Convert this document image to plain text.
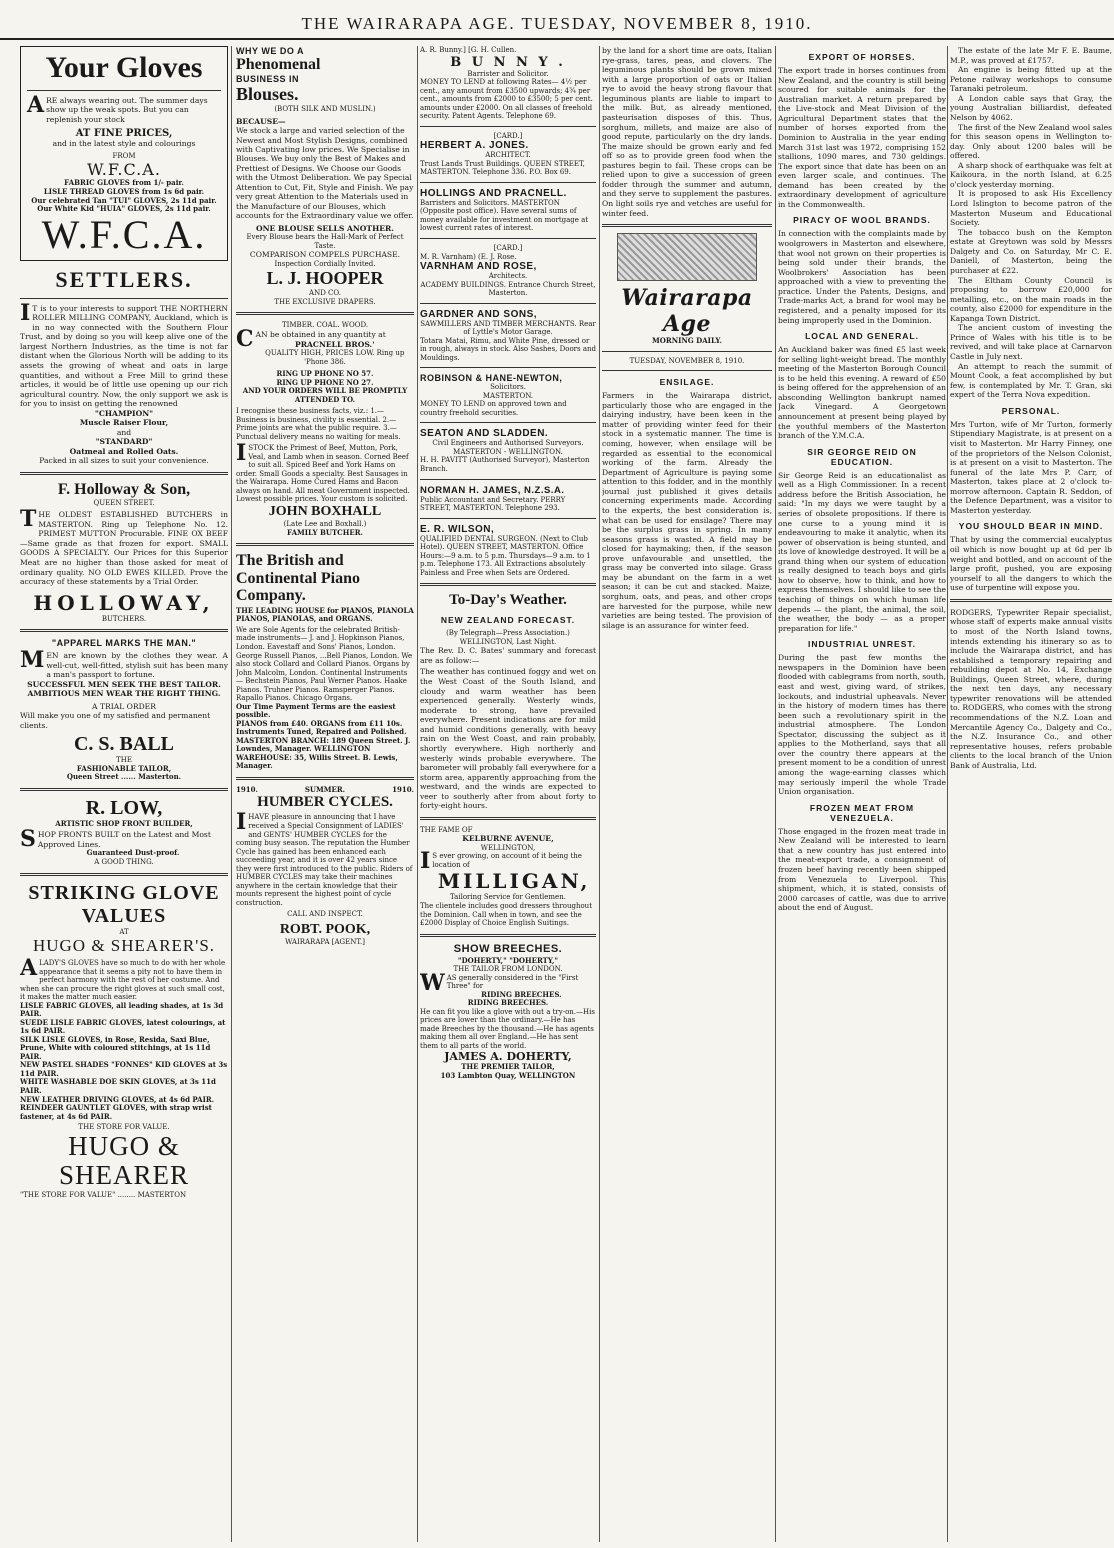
THE WAIRARAPA AGE. TUESDAY, NOVEMBER 8, 1910.
Your Gloves

ARE always wearing out. The summer days show up the weak spots. But you can replenish your stock

AT FINE PRICES,

and in the latest style and colourings

FROM
W.F.C.A.

FABRIC GLOVES from 1/- pair.

LISLE THREAD GLOVES from 1s 6d pair.

Our celebrated Tan "TUI" GLOVES, 2s 11d pair.

Our White Kid "HUIA" GLOVES, 2s 11d pair.

W.F.C.A.
SETTLERS.

IT is to your interests to support THE NORTHERN ROLLER MILLING COMPANY, Auckland, which is in no way connected with the Southern Flour Trust, and by doing so you will keep alive one of the largest Northern Industries, as the time is not far distant when the Glorious North will be adding to its assets the growing of wheat and oats in large quantities, and without a Free Mill to grind these articles, it would be of little use opening up our rich agricultural country. Now, the only support we ask is for you to insist on getting the renowned

"CHAMPION"

Muscle Raiser Flour,

and

"STANDARD"

Oatmeal and Rolled Oats.

Packed in all sizes to suit your convenience.

F. Holloway & Son,
QUEEN STREET.

THE OLDEST ESTABLISHED BUTCHERS in MASTERTON. Ring up Telephone No. 12. PRIMEST MUTTON Procurable. FINE OX BEEF—Same grade as that frozen for export. SMALL GOODS A SPECIALTY. Our Prices for this Superior Meat are no higher than those asked for meat of ordinary quality. NO OLD EWES KILLED. Prove the accuracy of these statements by a Trial Order.

HOLLOWAY,
BUTCHERS.
"APPAREL MARKS THE MAN."

MEN are known by the clothes they wear. A well-cut, well-fitted, stylish suit has been many a man's passport to fortune.

SUCCESSFUL MEN SEEK THE BEST TAILOR.

AMBITIOUS MEN WEAR THE RIGHT THING.

A TRIAL ORDER

Will make you one of my satisfied and permanent clients.

C. S. BALL

THE

FASHIONABLE TAILOR,

Queen Street ...... Masterton.

R. LOW,

ARTISTIC SHOP FRONT BUILDER,

SHOP FRONTS BUILT on the Latest and Most Approved Lines.

Guaranteed Dust-proof.

A GOOD THING.

STRIKING GLOVE VALUES

AT

HUGO & SHEARER'S.

ALADY'S GLOVES have so much to do with her whole appearance that it seems a pity not to have them in perfect harmony with the rest of her costume. And when she can procure the right gloves at such small cost, it makes the matter much easier.

LISLE FABRIC GLOVES, all leading shades, at 1s 3d PAIR.

SUEDE LISLE FABRIC GLOVES, latest colourings, at 1s 6d PAIR.

SILK LISLE GLOVES, in Rose, Resida, Saxi Blue, Prune, White with coloured stitchings, at 1s 11d PAIR.

NEW PASTEL SHADES "FONNES" KID GLOVES at 3s 11d PAIR.

WHITE WASHABLE DOE SKIN GLOVES, at 3s 11d PAIR.

NEW LEATHER DRIVING GLOVES, at 4s 6d PAIR.

REINDEER GAUNTLET GLOVES, with strap wrist fastener, at 4s 6d PAIR.

THE STORE FOR VALUE.

HUGO & SHEARER

"THE STORE FOR VALUE" ........ MASTERTON

WHY WE DO A
Phenomenal
BUSINESS IN
Blouses.

(BOTH SILK AND MUSLIN.)

BECAUSE—

We stock a large and varied selection of the Newest and Most Stylish Designs, combined with Captivating low prices. We Specialise in Blouses. We buy only the Best of Makes and Prettiest of Designs. We Choose our Goods with the Utmost Deliberation. We pay Special Attention to Cut, Fit, Style and Finish. We pay very great Attention to the Materials used in the Manufacture of our Blouses, which accounts for the Extraordinary value we offer.

ONE BLOUSE SELLS ANOTHER.

Every Blouse bears the Hall-Mark of Perfect Taste.

COMPARISON COMPELS PURCHASE.

Inspection Cordially Invited.

L. J. HOOPER

AND CO.

THE EXCLUSIVE DRAPERS.

TIMBER. COAL. WOOD.

CAN be obtained in any quantity at

PRACNELL BROS.'

QUALITY HIGH, PRICES LOW. Ring up 'Phone 386.

RING UP PHONE NO 57.

RING UP PHONE NO 27.

AND YOUR ORDERS WILL BE PROMPTLY ATTENDED TO.

I recognise these business facts, viz.: 1.—Business is business, civility is essential. 2.—Prime joints are what the public require. 3.—Punctual delivery means no waiting for meals.

ISTOCK the Primest of Beef, Mutton, Pork, Veal, and Lamb when in season. Corned Beef to suit all. Spiced Beef and York Hams on order. Small Goods a specialty. Best Sausages in the Wairarapa. Home Cured Hams and Bacon always on hand. All meat Government inspected. Lowest possible prices. Your custom is solicited.

JOHN BOXHALL

(Late Lee and Boxhall.)

FAMILY BUTCHER.

The British and Continental Piano Company.

THE LEADING HOUSE for PIANOS, PIANOLA PIANOS, PIANOLAS, and ORGANS.

We are Sole Agents for the celebrated British-made instruments— J. and J. Hopkinson Pianos, London. Eavestaff and Sons' Pianos, London. George Russell Pianos, ...Bell Pianos, London. We also stock Collard and Collard Pianos. Organs by John Malcolm, London. Continental Instruments— Bechstein Pianos, Paul Werner Pianos. Haake Pianos. Truhner Pianos. Ramsperger Pianos. Rapallo Pianos. Chicago Organs.

Our Time Payment Terms are the easiest possible.

PIANOS from £40. ORGANS from £11 10s.

Instruments Tuned, Repaired and Polished.

MASTERTON BRANCH: 189 Queen Street. J. Lowndes, Manager. WELLINGTON WAREHOUSE: 35, Willis Street. B. Lewis, Manager.

1910.	SUMMER.	1910.
HUMBER CYCLES.

IHAVE pleasure in announcing that I have received a Special Consignment of LADIES' and GENTS' HUMBER CYCLES for the coming busy season. The reputation the Humber Cycle has gained has been enhanced each succeeding year, and it is over 42 years since they were first introduced to the public. Riders of HUMBER CYCLES may take their machines anywhere in the certain knowledge that their mounts represent the highest point of cycle construction.

CALL AND INSPECT.

ROBT. POOK,

WAIRARAPA [AGENT.]

A. R. Bunny.] [G. H. Cullen.

B U N N Y .

Barrister and Solicitor.

MONEY TO LEND at following Rates— 4½ per cent., any amount from £3500 upwards; 4¾ per cent., amounts from £2000 to £3500; 5 per cent. amounts under £2000. On all classes of freehold security. Patent Agents. Telephone 69.

[CARD.]

HERBERT A. JONES.

ARCHITECT.

Trust Lands Trust Buildings. QUEEN STREET, MASTERTON. Telephone 336. P.O. Box 69.

HOLLINGS AND PRACNELL.

Barristers and Solicitors. MASTERTON (Opposite post office). Have several sums of money available for investment on mortgage at lowest current rates of interest.

[CARD.]

M. R. Varnham) (E. J. Rose.

VARNHAM AND ROSE,

Architects.

ACADEMY BUILDINGS. Entrance Church Street, Masterton.

GARDNER AND SONS,

SAWMILLERS AND TIMBER MERCHANTS. Rear of Lyttle's Motor Garage.

Totara Matai, Rimu, and White Pine, dressed or in rough, always in stock. Also Sashes, Doors and Mouldings.

ROBINSON & HANE-NEWTON,

Solicitors.

MASTERTON.

MONEY TO LEND on approved town and country freehold securities.

SEATON AND SLADDEN.

Civil Engineers and Authorised Surveyors. MASTERTON - WELLINGTON.

H. H. PAVITT (Authorised Surveyor), Masterton Branch.

NORMAN H. JAMES, N.Z.S.A.

Public Accountant and Secretary. PERRY STREET, MASTERTON. Telephone 293.

E. R. WILSON,

QUALIFIED DENTAL SURGEON. (Next to Club Hotel). QUEEN STREET, MASTERTON. Office Hours:—9 a.m. to 5 p.m. Thursdays—9 a.m. to 1 p.m. Telephone 173. All Extractions absolutely Painless and Free when Sets are Ordered.

To-Day's Weather.
NEW ZEALAND FORECAST.

(By Telegraph—Press Association.)

WELLINGTON, Last Night.

The Rev. D. C. Bates' summary and forecast are as follow:—

The weather has continued foggy and wet on the West Coast of the South Island, and cloudy and warm weather has been experienced generally. Westerly winds, moderate to strong, have prevailed everywhere. Present indications are for mild and humid conditions generally, with heavy rain on the West Coast, and rain probably, shortly everywhere. High northerly and westerly winds probable everywhere. The barometer will probably fall everywhere for a storm area, apparently approaching from the westward, and the winds are expected to veer to southerly after from about forty to forty-eight hours.

THE FAME OF

KELBURNE AVENUE,

WELLINGTON,

IS ever growing, on account of it being the location of

MILLIGAN,

Tailoring Service for Gentlemen.

The clientele includes good dressers throughout the Dominion. Call when in town, and see the £2000 Display of Choice English Suitings.

SHOW BREECHES.

"DOHERTY," "DOHERTY,"

THE TAILOR FROM LONDON.

WAS generally considered in the "First Three" for

RIDING BREECHES.

RIDING BREECHES.

He can fit you like a glove with out a try-on.—His prices are lower than the ordinary.—He has made Breeches by the thousand.—He has agents making them all over England.—He has sent them to all parts of the world.

JAMES A. DOHERTY,

THE PREMIER TAILOR,

103 Lambton Quay, WELLINGTON

by the land for a short time are oats, Italian rye-grass, tares, peas, and clovers. The leguminous plants should be grown mixed with a large proportion of oats or Italian rye to avoid the heavy strong flavour that leguminous plants are liable to impart to the milk. But, as already mentioned, pasteurisation disposes of this. Thus, sorghum, millets, and maize are also of good repute, particularly on the dry lands. The maize should be grown early and fed off so as to provide green food when the pastures begin to fail. These crops can be relied upon to give a succession of green fodder through the summer and autumn, and they serve to supplement the pastures. On light soils rye and vetches are useful for winter feed.

Wairarapa Age

MORNING DAILY.

TUESDAY, NOVEMBER 8, 1910.

ENSILAGE.

Farmers in the Wairarapa district, particularly those who are engaged in the dairying industry, have been keen in the matter of providing winter feed for their stock in a systematic manner. The time is coming, however, when ensilage will be regarded as essential to the economical working of the farm. Already the Department of Agriculture is paying some attention to this fodder, and in the monthly journal just published it gives details concerning experiments made. According to the experts, the best consideration is, what can be used for ensilage? There may be the surplus grass in spring. In many seasons grass is wasted. A field may be closed for haymaking; then, if the season prove unfavourable and unsettled, the grass may be converted into silage. Grass may be abundant on the farm in a wet season; it can be cut and stacked. Maize, sorghum, oats, and peas, and other crops are harvested for the purpose, while new varieties are being tested. The provision of silage is an assurance for winter feed.

EXPORT OF HORSES.

The export trade in horses continues from New Zealand, and the country is still being scoured for suitable animals for the Australian market. A return prepared by the Live-stock and Meat Division of the Agricultural Department states that the number of horses exported from the Dominion to Australia in the year ending March 31st last was 1972, comprising 152 stallions, 1090 mares, and 730 geldings. The export since that date has been on an even larger scale, and continues. The demand has been created by the extraordinary development of agriculture in the Commonwealth.

PIRACY OF WOOL BRANDS.

In connection with the complaints made by woolgrowers in Masterton and elsewhere, that wool not grown on their properties is being sold under their brands, the Woolbrokers' Association has been approached with a view to preventing the practice. Under the Patents, Designs, and Trade-marks Act, a brand for wool may be registered, and a penalty imposed for its being improperly used in the Dominion.

LOCAL AND GENERAL.

An Auckland baker was fined £5 last week for selling light-weight bread. The monthly meeting of the Masterton Borough Council is to be held this evening. A reward of £50 is being offered for the apprehension of an absconding Wellington bankrupt named Jack Vinegard. A Georgetown announcement at present being played by the youthful members of the Masterton branch of the Y.M.C.A.

SIR GEORGE REID ON EDUCATION.

Sir George Reid is an educationalist as well as a High Commissioner. In a recent address before the British Association, he said: "In my days we were taught by a series of obsolete propositions. If there is one curse to a young mind it is endeavouring to make it analytic, when its power of observation is being stunted, and its love of knowledge destroyed. It will be a grand thing when our system of education is really designed to teach boys and girls how to observe, how to think, and how to express themselves. I should like to see the teaching of things on which human life depends — the plant, the animal, the soil, the weather, the body — as a proper preparation for life."

INDUSTRIAL UNREST.

During the past few months the newspapers in the Dominion have been flooded with cablegrams from north, south, east and west, giving ward, of strikes, lockouts, and industrial upheavals. Never in the history of modern times has there been such a revolutionary spirit in the industrial atmosphere. The London Spectator, discussing the subject as it applies to the Motherland, says that all over the country there appears at the present moment to be a condition of unrest among the wage-earning classes which may seriously imperil the whole Trade Union organisation.

FROZEN MEAT FROM VENEZUELA.

Those engaged in the frozen meat trade in New Zealand will be interested to learn that a new country has just entered into the meat-export trade, a consignment of frozen beef having recently been shipped from Venezuela to Liverpool. This shipment, which, it is stated, consists of 2000 carcases of cattle, was due to arrive about the end of August.

The estate of the late Mr F. E. Baume, M.P., was proved at £1757.

An engine is being fitted up at the Petone railway workshops to consume Taranaki petroleum.

A London cable says that Gray, the young Australian billiardist, defeated Nelson by 4062.

The first of the New Zealand wool sales for this season opens in Wellington to-day. Only about 1200 bales will be offered.

A sharp shock of earthquake was felt at Kaikoura, in the north Island, at 6.25 o'clock yesterday morning.

It is proposed to ask His Excellency Lord Islington to become patron of the Masterton Museum and Educational Society.

The tobacco bush on the Kempton estate at Greytown was sold by Messrs Dalgety and Co. on Saturday, Mr C. E. Daniell, of Masterton, being the purchaser at £22.

The Eltham County Council is proposing to borrow £20,000 for metalling, etc., on the main roads in the county, also £2000 for expenditure in the Kapanga Town District.

The ancient custom of investing the Prince of Wales with his title is to be revived, and will take place at Carnarvon Castle in July next.

An attempt to reach the summit of Mount Cook, a feat accomplished by but few, is contemplated by Mr. T. Gran, ski expert of the Terra Nova expedition.

PERSONAL.

Mrs Turton, wife of Mr Turton, formerly Stipendiary Magistrate, is at present on a visit to Masterton. Mr Harry Finney, one of the proprietors of the Nelson Colonist, is at present on a visit to Masterton. The funeral of the late Mrs P. Carr, of Masterton, takes place at 2 o'clock to-morrow afternoon. Captain R. Seddon, of the Defence Department, was a visitor to Masterton yesterday.

YOU SHOULD BEAR IN MIND.

That by using the commercial eucalyptus oil which is now bought up at 6d per lb weight and bottled, and on account of the large profit, pushed, you are exposing yourself to all the dangers to which the use of turpentine will expose you.

RODGERS, Typewriter Repair specialist, whose staff of experts make annual visits to most of the North Island towns, intends extending his itinerary so as to include the Wairarapa district, and has established a temporary repairing and rebuilding depot at No. 14, Exchange Buildings, Queen Street, where, during the next ten days, any necessary typewriter renovations will be attended to. RODGERS, who comes with the strong recommendations of the N.Z. Loan and Mercantile Agency Co., Dalgety and Co., the N.Z. Insurance Co., and other representative houses, refers probable clients to the local branch of the Union Bank of Australia, Ltd.
